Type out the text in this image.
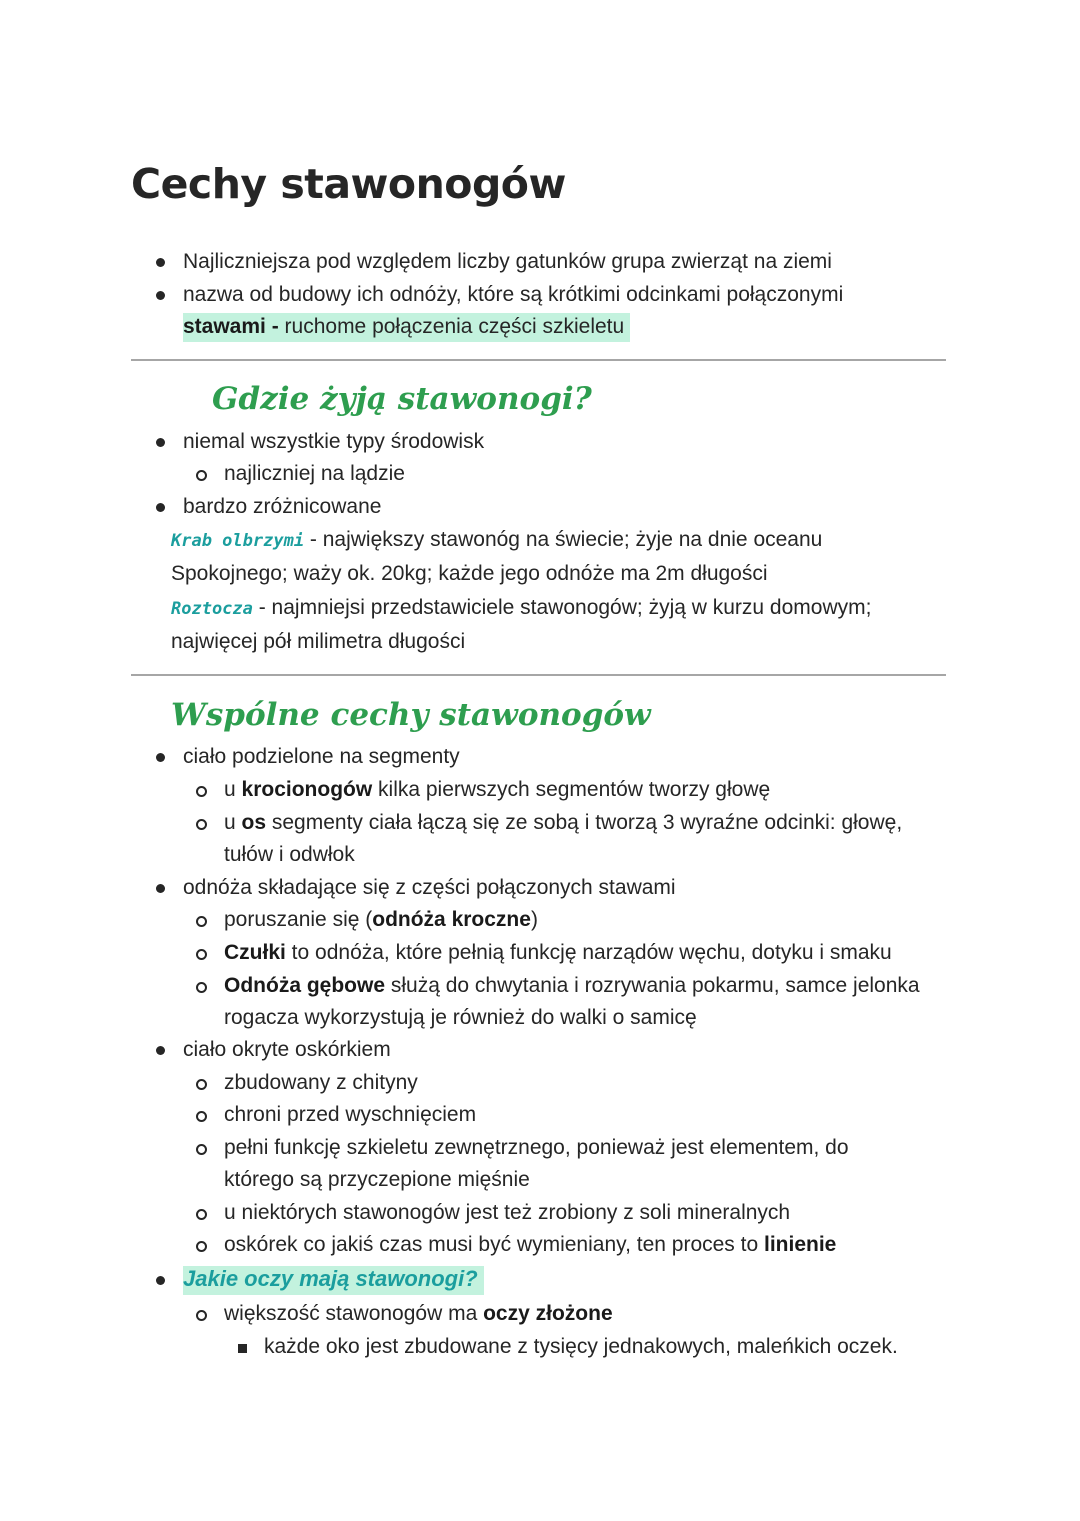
Cechy stawonogów
Najliczniejsza pod względem liczby gatunków grupa zwierząt na ziemi
nazwa od budowy ich odnóży, które są krótkimi odcinkami połączonymi
stawami - ruchome połączenia części szkieletu
Gdzie żyją stawonogi?
niemal wszystkie typy środowisk
najliczniej na lądzie
bardzo zróżnicowane
Krab olbrzymi - największy stawonóg na świecie; żyje na dnie oceanu
Spokojnego; waży ok. 20kg; każde jego odnóże ma 2m długości
Roztocza - najmniejsi przedstawiciele stawonogów; żyją w kurzu domowym;
najwięcej pół milimetra długości
Wspólne cechy stawonogów
ciało podzielone na segmenty
u krocionogów kilka pierwszych segmentów tworzy głowę
u os segmenty ciała łączą się ze sobą i tworzą 3 wyraźne odcinki: głowę,
tułów i odwłok
odnóża składające się z części połączonych stawami
poruszanie się (odnóża kroczne)
Czułki to odnóża, które pełnią funkcję narządów węchu, dotyku i smaku
Odnóża gębowe służą do chwytania i rozrywania pokarmu, samce jelonka
rogacza wykorzystują je również do walki o samicę
ciało okryte oskórkiem
zbudowany z chityny
chroni przed wyschnięciem
pełni funkcję szkieletu zewnętrznego, ponieważ jest elementem, do
którego są przyczepione mięśnie
u niektórych stawonogów jest też zrobiony z soli mineralnych
oskórek co jakiś czas musi być wymieniany, ten proces to linienie
Jakie oczy mają stawonogi?
większość stawonogów ma oczy złożone
każde oko jest zbudowane z tysięcy jednakowych, maleńkich oczek.
